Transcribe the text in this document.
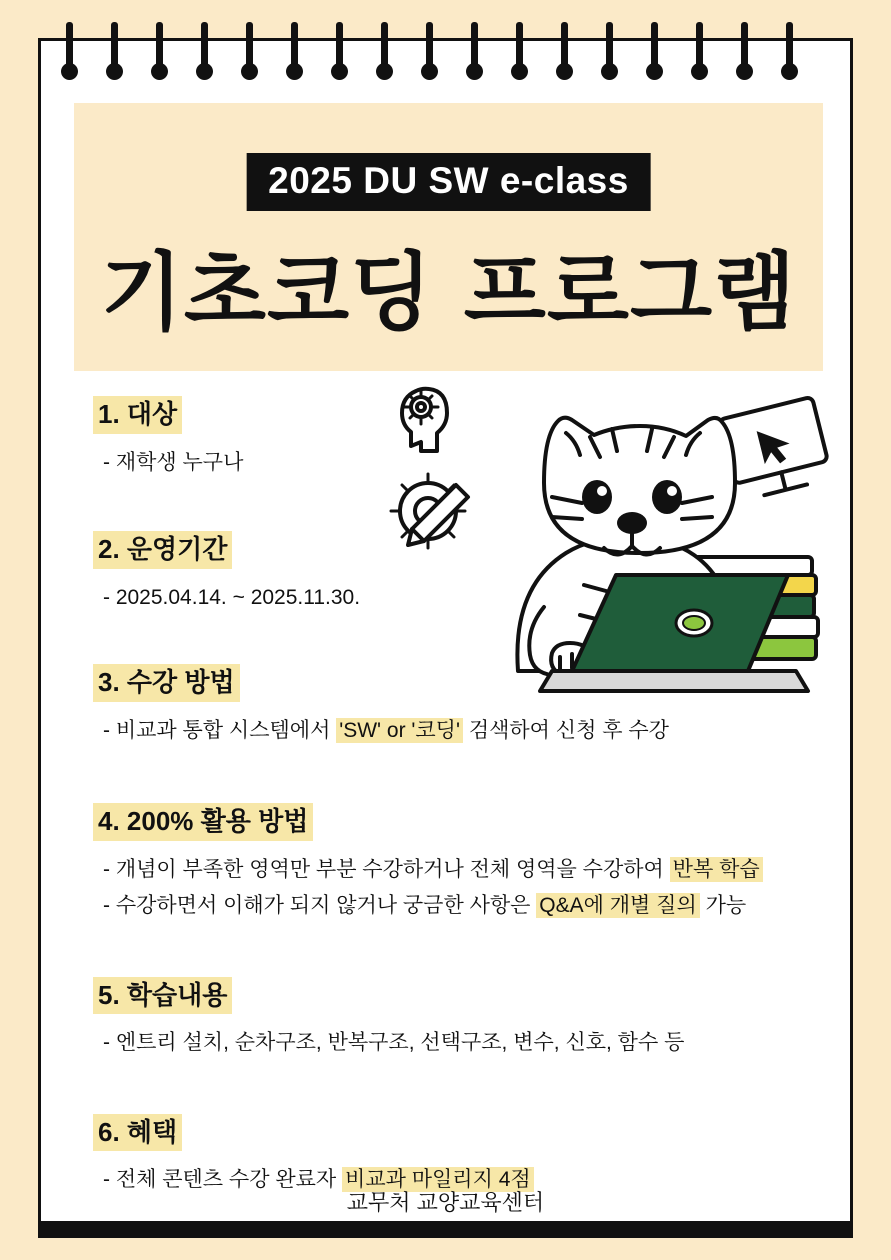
2025 DU SW e-class
기초코딩 프로그램
1. 대상
- 재학생 누구나
2. 운영기간
- 2025.04.14. ~ 2025.11.30.
3. 수강 방법
- 비교과 통합 시스템에서 'SW' or '코딩' 검색하여 신청 후 수강
4. 200% 활용 방법
- 개념이 부족한 영역만 부분 수강하거나 전체 영역을 수강하여 반복 학습
- 수강하면서 이해가 되지 않거나 궁금한 사항은 Q&A에 개별 질의 가능
5. 학습내용
- 엔트리 설치, 순차구조, 반복구조, 선택구조, 변수, 신호, 함수 등
6. 혜택
- 전체 콘텐츠 수강 완료자 비교과 마일리지 4점
교무처 교양교육센터
